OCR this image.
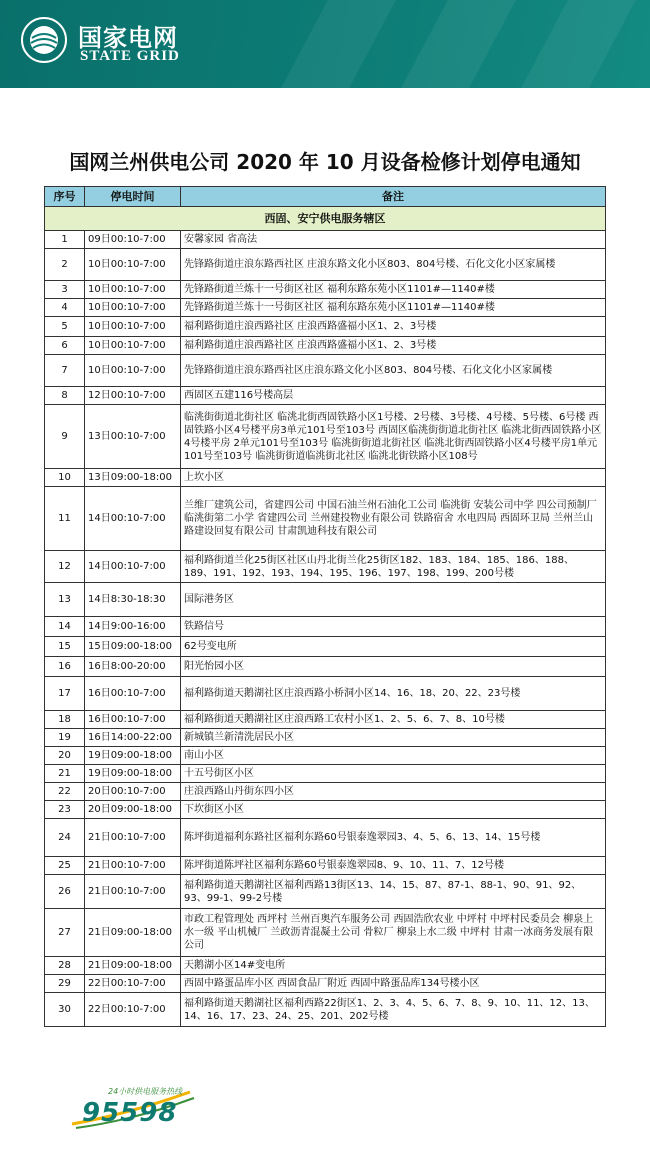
国家电网
STATE GRID
国网兰州供电公司 2020 年 10 月设备检修计划停电通知
序号	停电时间	备注
西固、安宁供电服务辖区		
1	09日00:10-7:00	安馨家园 省高法
2	10日00:10-7:00	先锋路街道庄浪东路西社区 庄浪东路文化小区803、804号楼、石化文化小区家属楼
3	10日00:10-7:00	先锋路街道兰炼十一号街区社区 福利东路东苑小区1101#—1140#楼
4	10日00:10-7:00	先锋路街道兰炼十一号街区社区 福利东路东苑小区1101#—1140#楼
5	10日00:10-7:00	福利路街道庄浪西路社区 庄浪西路盛福小区1、2、3号楼
6	10日00:10-7:00	福利路街道庄浪西路社区 庄浪西路盛福小区1、2、3号楼
7	10日00:10-7:00	先锋路街道庄浪东路西社区庄浪东路文化小区803、804号楼、石化文化小区家属楼
8	12日00:10-7:00	西固区五建116号楼高层
9	13日00:10-7:00	临洮街街道北街社区 临洮北街西固铁路小区1号楼、2号楼、3号楼、4号楼、5号楼、6号楼 西固铁路小区4号楼平房3单元101号至103号 西固区临洮街街道北街社区 临洮北街西固铁路小区4号楼平房 2单元101号至103号 临洮街街道北街社区 临洮北街西固铁路小区4号楼平房1单元101号至103号 临洮街街道临洮街北社区 临洮北街铁路小区108号
10	13日09:00-18:00	上坎小区
11	14日00:10-7:00	兰维厂建筑公司，省建四公司 中国石油兰州石油化工公司 临洮街 安装公司中学 四公司预制厂 临洮街第二小学 省建四公司 兰州建投物业有限公司 铁路宿舍 水电四局 西固环卫局 兰州兰山路建设回复有限公司 甘肃凯迪科技有限公司
12	14日00:10-7:00	福利路街道兰化25街区社区山丹北街兰化25街区182、183、184、185、186、188、189、191、192、193、194、195、196、197、198、199、200号楼
13	14日8:30-18:30	国际港务区
14	14日9:00-16:00	铁路信号
15	15日09:00-18:00	62号变电所
16	16日8:00-20:00	阳光怡园小区
17	16日00:10-7:00	福利路街道天鹅湖社区庄浪西路小桥洞小区14、16、18、20、22、23号楼
18	16日00:10-7:00	福利路街道天鹅湖社区庄浪西路工农村小区1、2、5、6、7、8、10号楼
19	16日14:00-22:00	新城镇兰新清洗居民小区
20	19日09:00-18:00	南山小区
21	19日09:00-18:00	十五号街区小区
22	20日00:10-7:00	庄浪西路山丹街东四小区
23	20日09:00-18:00	下坎街区小区
24	21日00:10-7:00	陈坪街道福利东路社区福利东路60号银泰逸翠园3、4、5、6、13、14、15号楼
25	21日00:10-7:00	陈坪街道陈坪社区福利东路60号银泰逸翠园8、9、10、11、7、12号楼
26	21日00:10-7:00	福利路街道天鹅湖社区福利西路13街区13、14、15、87、87-1、88-1、90、91、92、93、99-1、99-2号楼
27	21日09:00-18:00	市政工程管理处 西坪村 兰州百奥汽车服务公司 西固浩欣农业 中坪村 中坪村民委员会 柳泉上水一级 平山机械厂 兰政沥青混凝土公司 骨粒厂 柳泉上水二级 中坪村 甘肃一冰商务发展有限公司
28	21日09:00-18:00	天鹅湖小区14#变电所
29	22日00:10-7:00	西固中路蛋品库小区 西固食品厂附近 西固中路蛋品库134号楼小区
30	22日00:10-7:00	福利路街道天鹅湖社区福利西路22街区1、2、3、4、5、6、7、8、9、10、11、12、13、14、16、17、23、24、25、201、202号楼
24小时供电服务热线
95598
